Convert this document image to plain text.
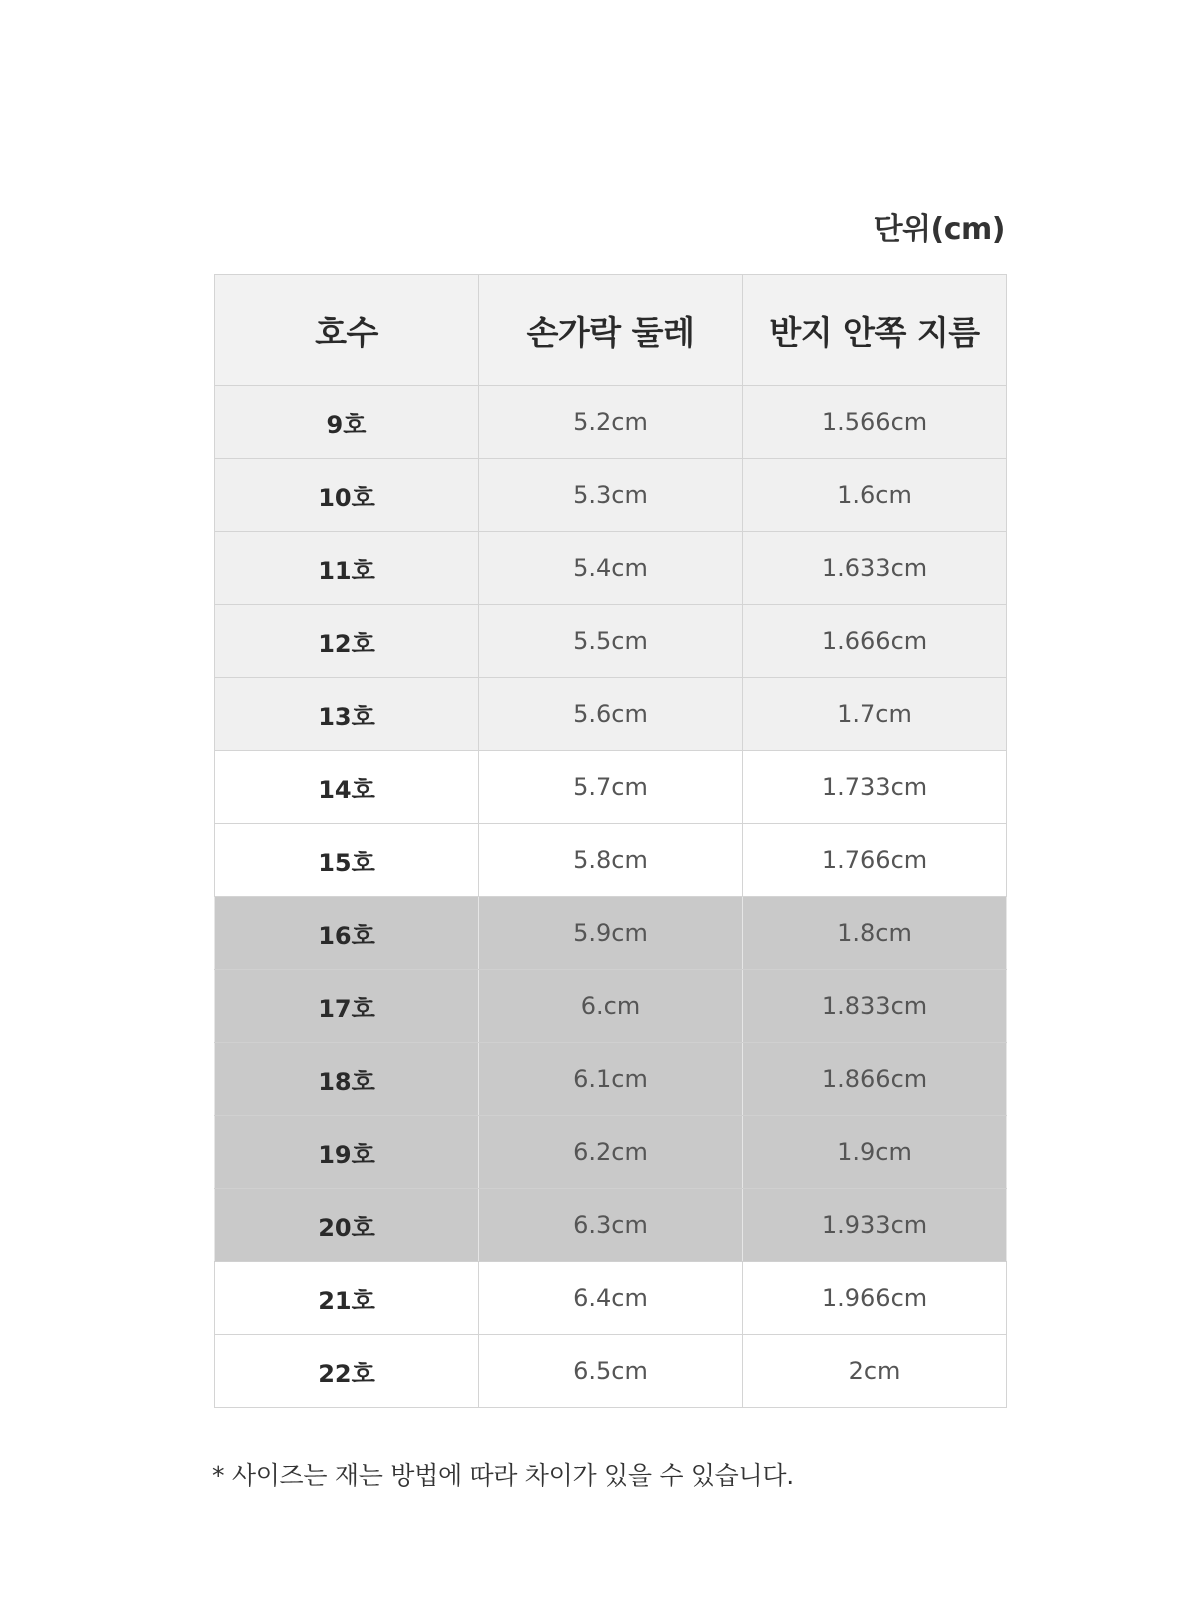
단위(cm)
호수	손가락 둘레	반지 안쪽 지름
9호	5.2cm	1.566cm
10호	5.3cm	1.6cm
11호	5.4cm	1.633cm
12호	5.5cm	1.666cm
13호	5.6cm	1.7cm
14호	5.7cm	1.733cm
15호	5.8cm	1.766cm
16호	5.9cm	1.8cm
17호	6.cm	1.833cm
18호	6.1cm	1.866cm
19호	6.2cm	1.9cm
20호	6.3cm	1.933cm
21호	6.4cm	1.966cm
22호	6.5cm	2cm
* 사이즈는 재는 방법에 따라 차이가 있을 수 있습니다.
